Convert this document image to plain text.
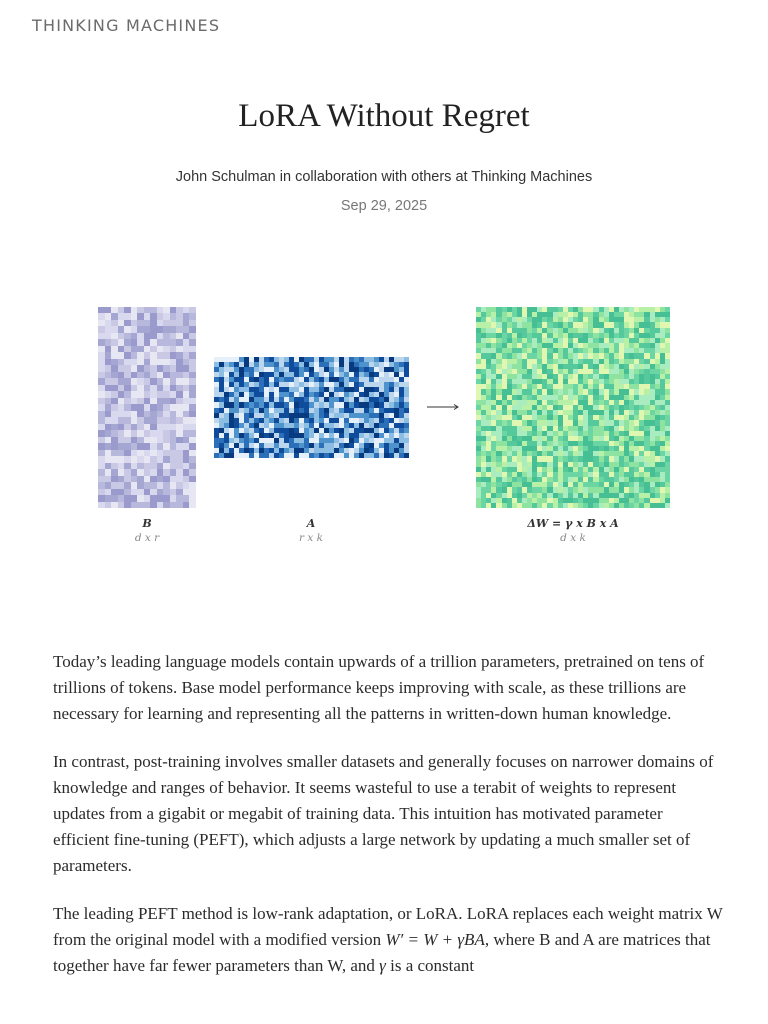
THINKING MACHINES
LoRA Without Regret
John Schulman in collaboration with others at Thinking Machines
Sep 29, 2025
B
d x r
A
r x k
ΔW = γ x B x A
d x k

Today’s leading language models contain upwards of a trillion parameters, pretrained on tens of trillions of tokens. Base model performance keeps improving with scale, as these trillions are necessary for learning and representing all the patterns in written-down human knowledge.

In contrast, post-training involves smaller datasets and generally focuses on narrower domains of knowledge and ranges of behavior. It seems wasteful to use a terabit of weights to represent updates from a gigabit or megabit of training data. This intuition has motivated parameter efficient fine-tuning (PEFT), which adjusts a large network by updating a much smaller set of parameters.

The leading PEFT method is low-rank adaptation, or LoRA. LoRA replaces each weight matrix W from the original model with a modified version W′ = W + γBA, where B and A are matrices that together have far fewer parameters than W, and γ is a constant
